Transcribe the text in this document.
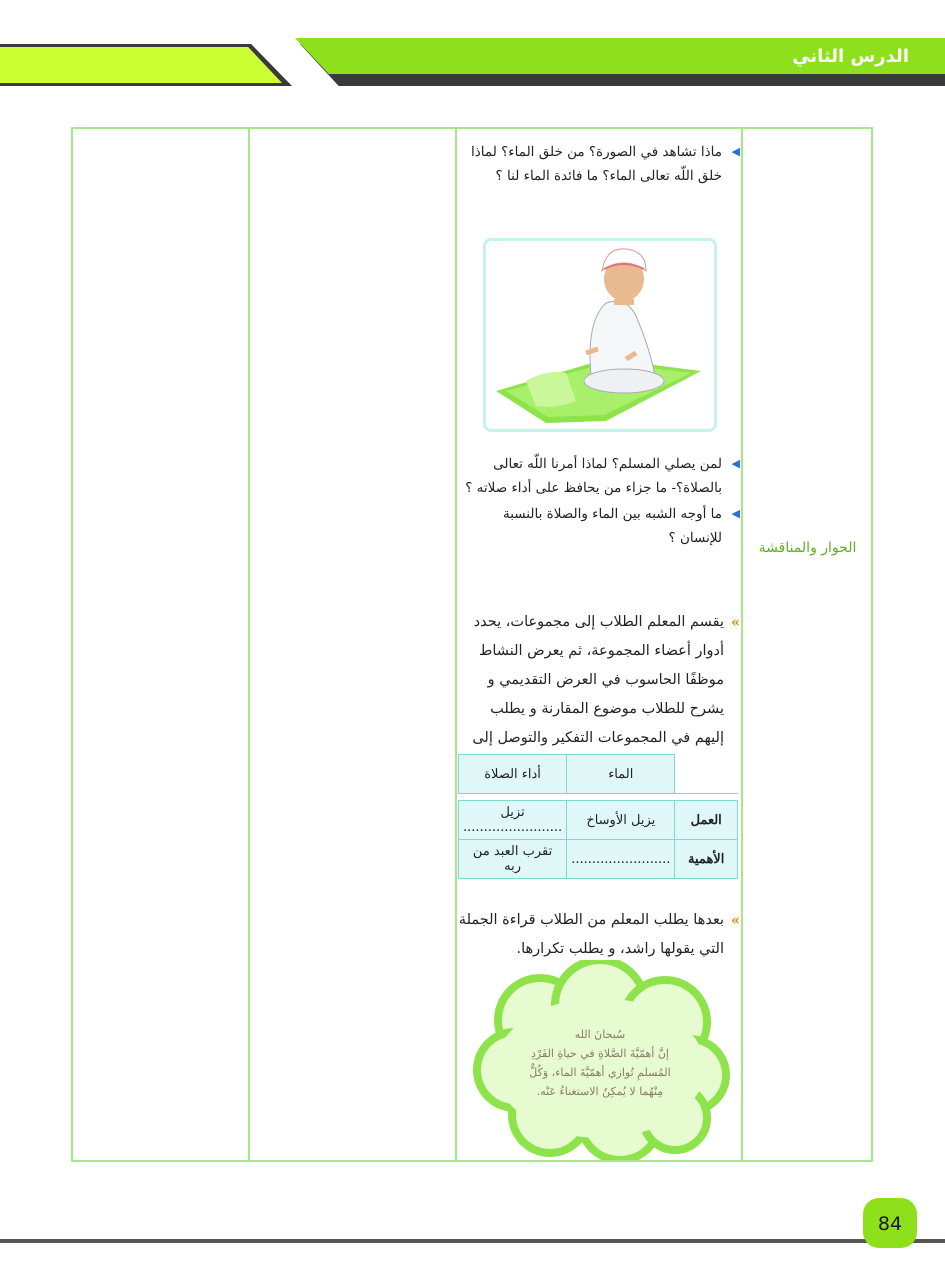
الدرس الثاني
الحوار والمناقشة

◀
ماذا تشاهد في الصورة؟ من خلق الماء؟ لماذا خلق اللّه تعالى الماء؟ ما فائدة الماء لنا ؟

◀
لمن يصلي المسلم؟ لماذا أمرنا اللّه تعالى بالصلاة؟- ما جزاء من يحافظ على أداء صلاته ؟

◀
ما أوجه الشبه بين الماء والصلاة بالنسبة للإنسان ؟

»
يقسم المعلم الطلاب إلى مجموعات، يحدد أدوار أعضاء المجموعة، ثم يعرض النشاط موظفًا الحاسوب في العرض التقديمي و يشرح للطلاب موضوع المقارنة و يطلب إليهم في المجموعات التفكير والتوصل إلى

	الماء	أداء الصلاة

العمل	يزيل الأوساخ	تزيل ........................
الأهمية	........................	تقرب العبد من ربه

»
بعدها يطلب المعلم من الطلاب قراءة الجملة التي يقولها راشد، و يطلب تكرارها.

سُبحانَ الله
إنَّ أهمّيَّةَ الصَّلاةِ في حياةِ الفَرْدِ
المُسلمِ تُوازي أهمّيَّةَ الماء، وَكُلٌّ
مِنْهُما لا يُمكِنُ الاستغناءُ عَنْه.
84
